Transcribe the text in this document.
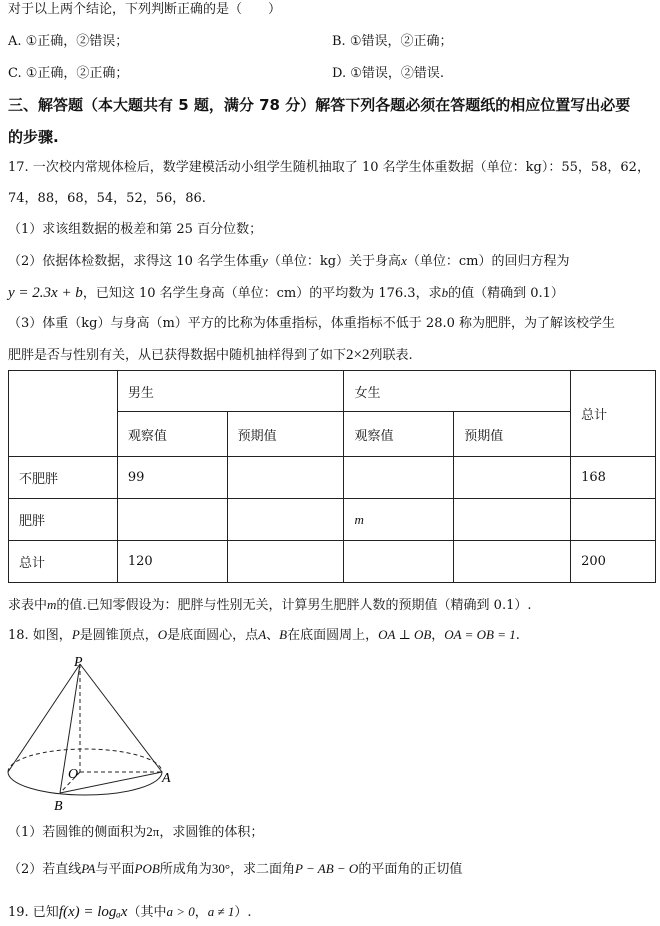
对于以上两个结论，下列判断正确的是（　　）
A. ①正确，②错误；	B. ①错误，②正确；
C. ①正确，②正确；	D. ①错误，②错误.
三、解答题（本大题共有 5 题，满分 78 分）解答下列各题必须在答题纸的相应位置写出必要
的步骤.
17. 一次校内常规体检后，数学建模活动小组学生随机抽取了 10 名学生体重数据（单位：kg）：55，58，62，
74，88，68，54，52，56，86.
（1）求该组数据的极差和第 25 百分位数；
（2）依据体检数据，求得这 10 名学生体重y（单位：kg）关于身高x（单位：cm）的回归方程为
y = 2.3x + b，已知这 10 名学生身高（单位：cm）的平均数为 176.3，求b的值（精确到 0.1）
（3）体重（kg）与身高（m）平方的比称为体重指标，体重指标不低于 28.0 称为肥胖，为了解该校学生
肥胖是否与性别有关，从已获得数据中随机抽样得到了如下2×2列联表.
	男生		女生		总计
	观察值	预期值	观察值	预期值	
不肥胖	99				168
肥胖			m		
总计	120				200
求表中m的值.已知零假设为：肥胖与性别无关，计算男生肥胖人数的预期值（精确到 0.1）.
18. 如图，P是圆锥顶点，O是底面圆心，点A、B在底面圆周上，OA ⊥ OB，OA = OB = 1.
P
O	A
B
（1）若圆锥的侧面积为2π，求圆锥的体积；
（2）若直线PA与平面POB所成角为30°，求二面角P − AB − O的平面角的正切值
19. 已知f(x) = logₐx（其中a > 0，a ≠ 1）.
